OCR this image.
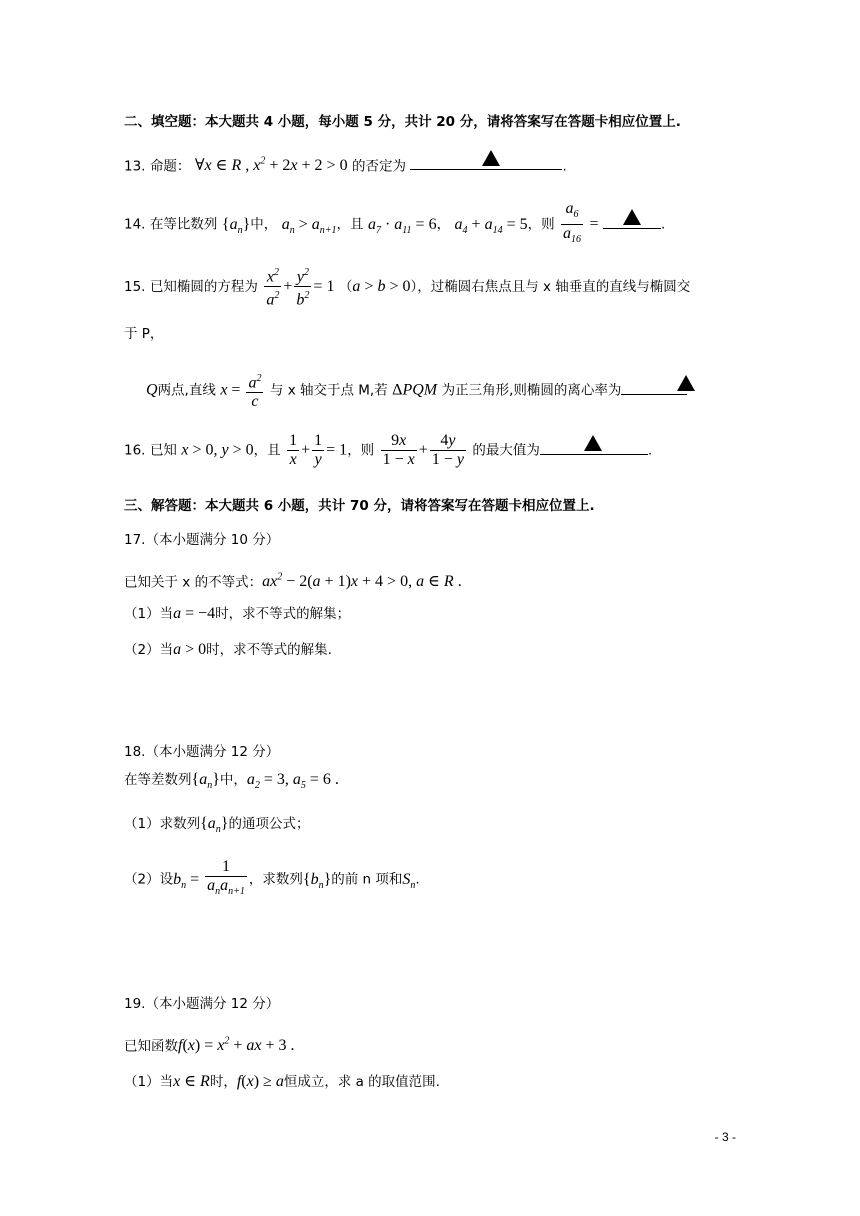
二、填空题：本大题共 4 小题，每小题 5 分，共计 20 分，请将答案写在答题卡相应位置上.
13. 命题： ∀x ∈ R , $x^2 + 2x + 2 > 0$ 的否定为	.
14. 在等比数列 $\{a_n\}$中， $a_n > a_{n+1}$，且 $a_7 \cdot a_{11} = 6$， $a_4 + a_{14} = 5$，则 $\frac{a_6}{a_{16}}$ =	.
15. 已知椭圆的方程为 $\frac{x^2}{a^2} + \frac{y^2}{b^2} = 1$ （a > b > 0），过椭圆右焦点且与 x 轴垂直的直线与椭圆交
于 P，
Q两点,直线 $x = \frac{a^2}{c}$ 与 x 轴交于点 M,若 ΔPQM 为正三角形,则椭圆的离心率为
16. 已知 x > 0, y > 0，且 $\frac{1}{x} + \frac{1}{y} = 1$，则 $\frac{9x}{1 - x} + \frac{4y}{1 - y}$ 的最大值为	.
三、解答题：本大题共 6 小题，共计 70 分，请将答案写在答题卡相应位置上.
17.（本小题满分 10 分）
已知关于 x 的不等式：$ax^2 - 2(a + 1)x + 4 > 0$, a ∈ R .
（1）当a = −4时，求不等式的解集；
（2）当a > 0时，求不等式的解集.
18.（本小题满分 12 分）
在等差数列$\{a_n\}$中，$a_2 = 3$, $a_5 = 6$ .
（1）求数列$\{a_n\}$的通项公式；
（2）设$b_n = \frac{1}{a_na_{n+1}}$ ，求数列$\{b_n\}$的前 n 项和$S_n$.
19.（本小题满分 12 分）
已知函数$f(x) = x^2$ + ax + 3 .
（1）当x ∈ R时，f(x) ≥ a恒成立，求 a 的取值范围.
- 3 -
